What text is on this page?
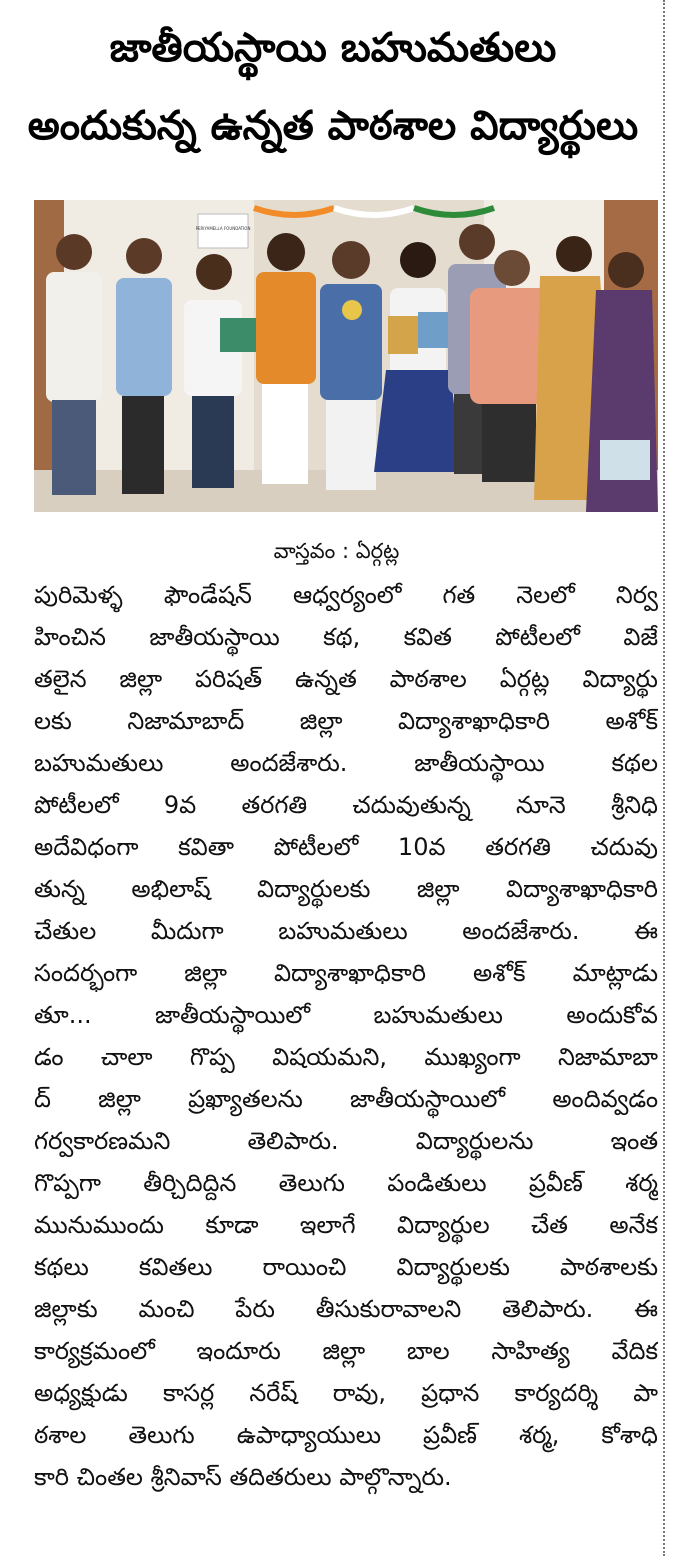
జాతీయస్థాయి బహుమతులు
అందుకున్న ఉన్నత పాఠశాల విద్యార్థులు
PERIYAMELLA FOUNDATION
వాస్తవం : ఏర్గట్ల
పురిమెళ్ళ ఫౌండేషన్ ఆధ్వర్యంలో గత నెలలో నిర్వ
హించిన జాతీయస్థాయి కథ, కవిత పోటీలలో విజే
తలైన జిల్లా పరిషత్ ఉన్నత పాఠశాల ఏర్గట్ల విద్యార్థు
లకు నిజామాబాద్ జిల్లా విద్యాశాఖాధికారి అశోక్
బహుమతులు అందజేశారు. జాతీయస్థాయి కథల
పోటీలలో 9వ తరగతి చదువుతున్న నూనె శ్రీనిధి
అదేవిధంగా కవితా పోటీలలో 10వ తరగతి చదువు
తున్న అభిలాష్ విద్యార్థులకు జిల్లా విద్యాశాఖాధికారి
చేతుల మీదుగా బహుమతులు అందజేశారు. ఈ
సందర్భంగా జిల్లా విద్యాశాఖాధికారి అశోక్ మాట్లాడు
తూ... జాతీయస్థాయిలో బహుమతులు అందుకోవ
డం చాలా గొప్ప విషయమని, ముఖ్యంగా నిజామాబా
ద్ జిల్లా ప్రఖ్యాతలను జాతీయస్థాయిలో అందివ్వడం
గర్వకారణమని తెలిపారు. విద్యార్థులను ఇంత
గొప్పగా తీర్చిదిద్దిన తెలుగు పండితులు ప్రవీణ్ శర్మ
మునుముందు కూడా ఇలాగే విద్యార్థుల చేత అనేక
కథలు కవితలు రాయించి విద్యార్థులకు పాఠశాలకు
జిల్లాకు మంచి పేరు తీసుకురావాలని తెలిపారు. ఈ
కార్యక్రమంలో ఇందూరు జిల్లా బాల సాహిత్య వేదిక
అధ్యక్షుడు కాసర్ల నరేష్ రావు, ప్రధాన కార్యదర్శి పా
ఠశాల తెలుగు ఉపాధ్యాయులు ప్రవీణ్ శర్మ, కోశాధి
కారి చింతల శ్రీనివాస్ తదితరులు పాల్గొన్నారు.
